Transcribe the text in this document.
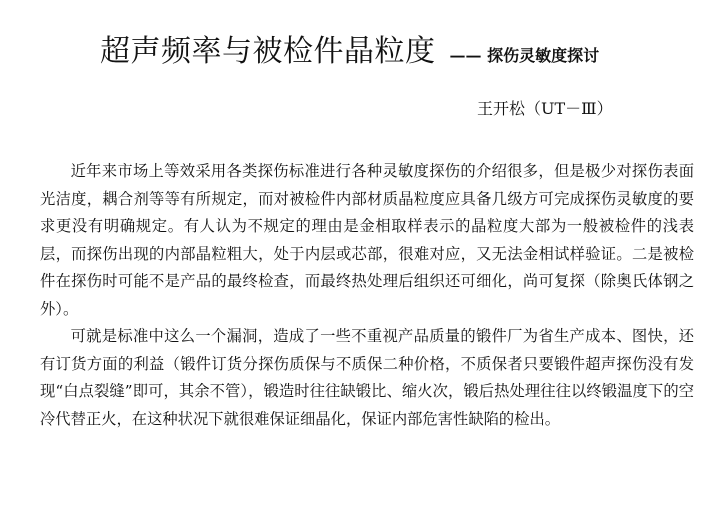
超声频率与被检件晶粒度 —— 探伤灵敏度探讨
王开松（UT－Ⅲ）

近年来市场上等效采用各类探伤标准进行各种灵敏度探伤的介绍很多，但是极少对探伤表面光洁度，耦合剂等等有所规定，而对被检件内部材质晶粒度应具备几级方可完成探伤灵敏度的要求更没有明确规定。有人认为不规定的理由是金相取样表示的晶粒度大部为一般被检件的浅表层，而探伤出现的内部晶粒粗大，处于内层或芯部，很难对应，又无法金相试样验证。二是被检件在探伤时可能不是产品的最终检查，而最终热处理后组织还可细化，尚可复探（除奥氏体钢之外）。

可就是标准中这么一个漏洞，造成了一些不重视产品质量的锻件厂为省生产成本、图快，还有订货方面的利益（锻件订货分探伤质保与不质保二种价格，不质保者只要锻件超声探伤没有发现“白点裂缝”即可，其余不管），锻造时往往缺锻比、缩火次，锻后热处理往往以终锻温度下的空冷代替正火，在这种状况下就很难保证细晶化，保证内部危害性缺陷的检出。
